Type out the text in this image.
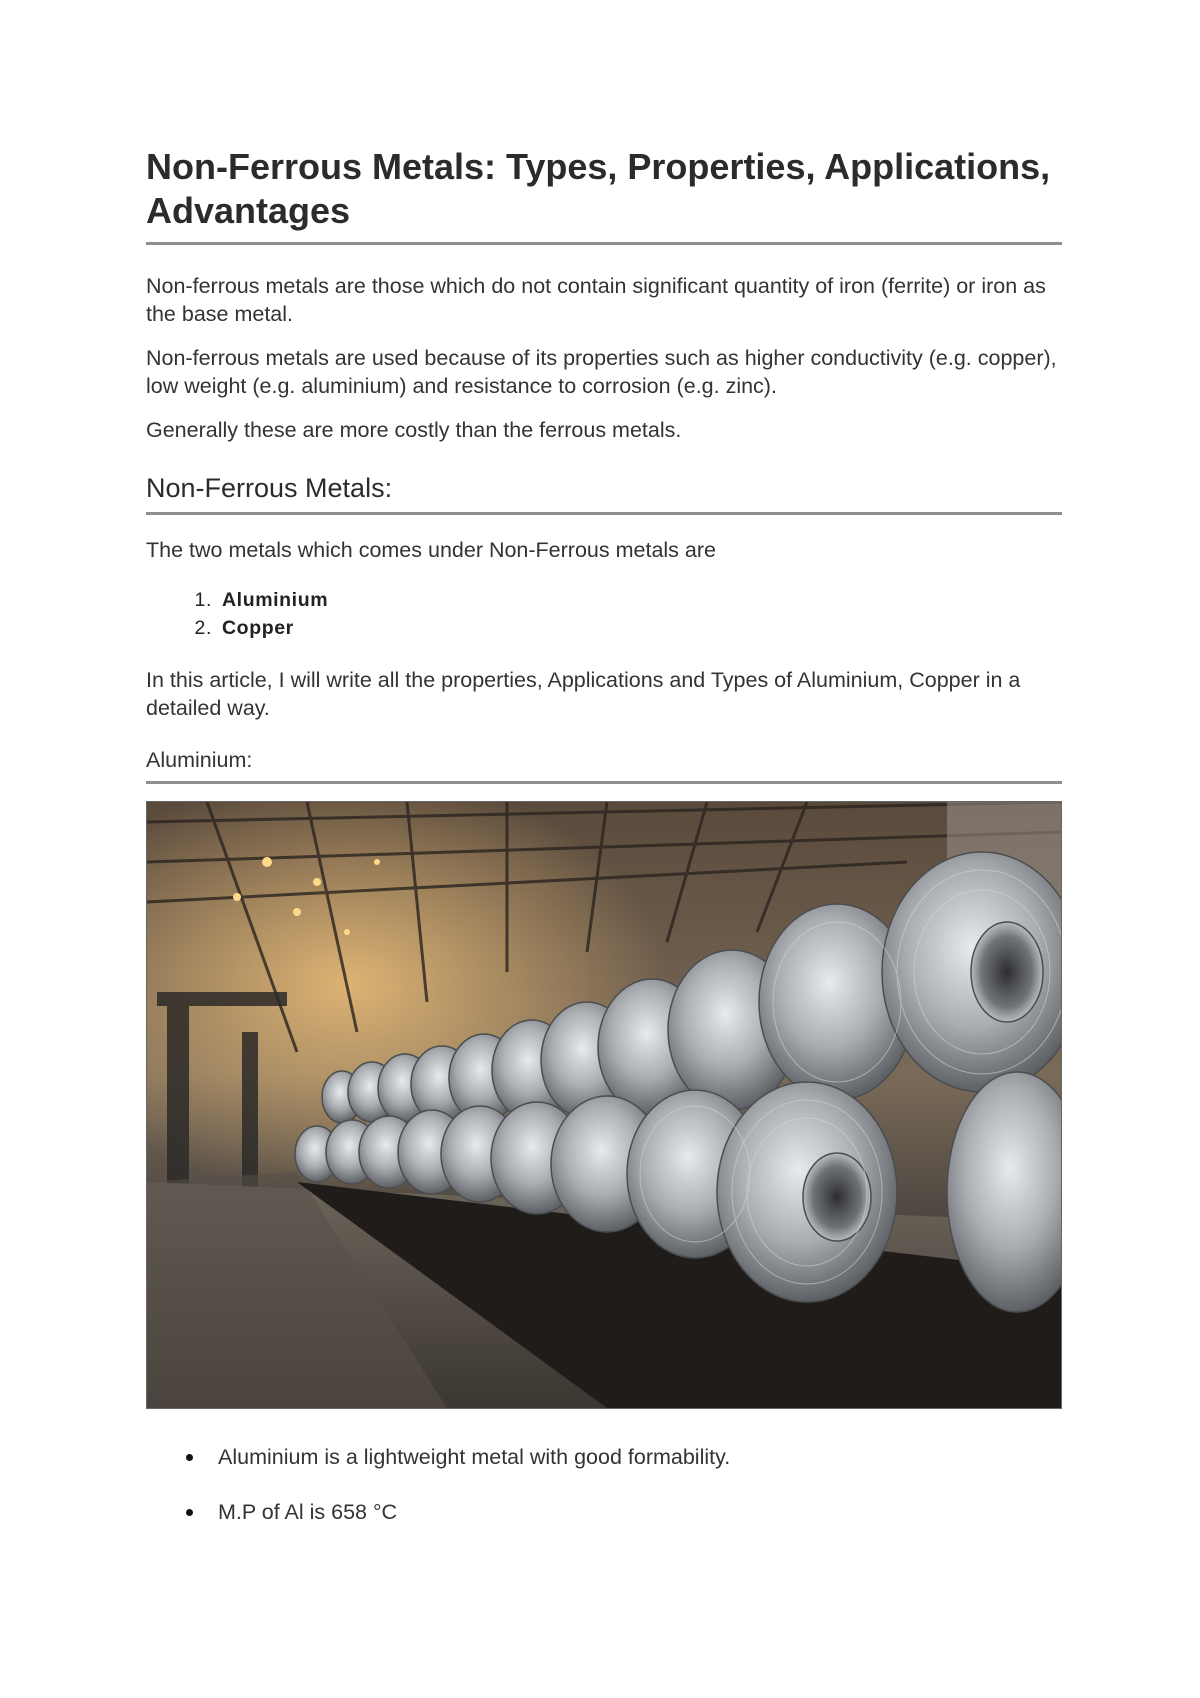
Non-Ferrous Metals: Types, Properties, Applications, Advantages

Non-ferrous metals are those which do not contain significant quantity of iron (ferrite) or iron as the base metal.

Non-ferrous metals are used because of its properties such as higher conductivity (e.g. copper), low weight (e.g. aluminium) and resistance to corrosion (e.g. zinc).

Generally these are more costly than the ferrous metals.

Non-Ferrous Metals:

The two metals which comes under Non-Ferrous metals are

1. Aluminium
2. Copper

In this article, I will write all the properties, Applications and Types of Aluminium, Copper in a detailed way.

Aluminium:
Aluminium is a lightweight metal with good formability.
M.P of Al is 658 °C
